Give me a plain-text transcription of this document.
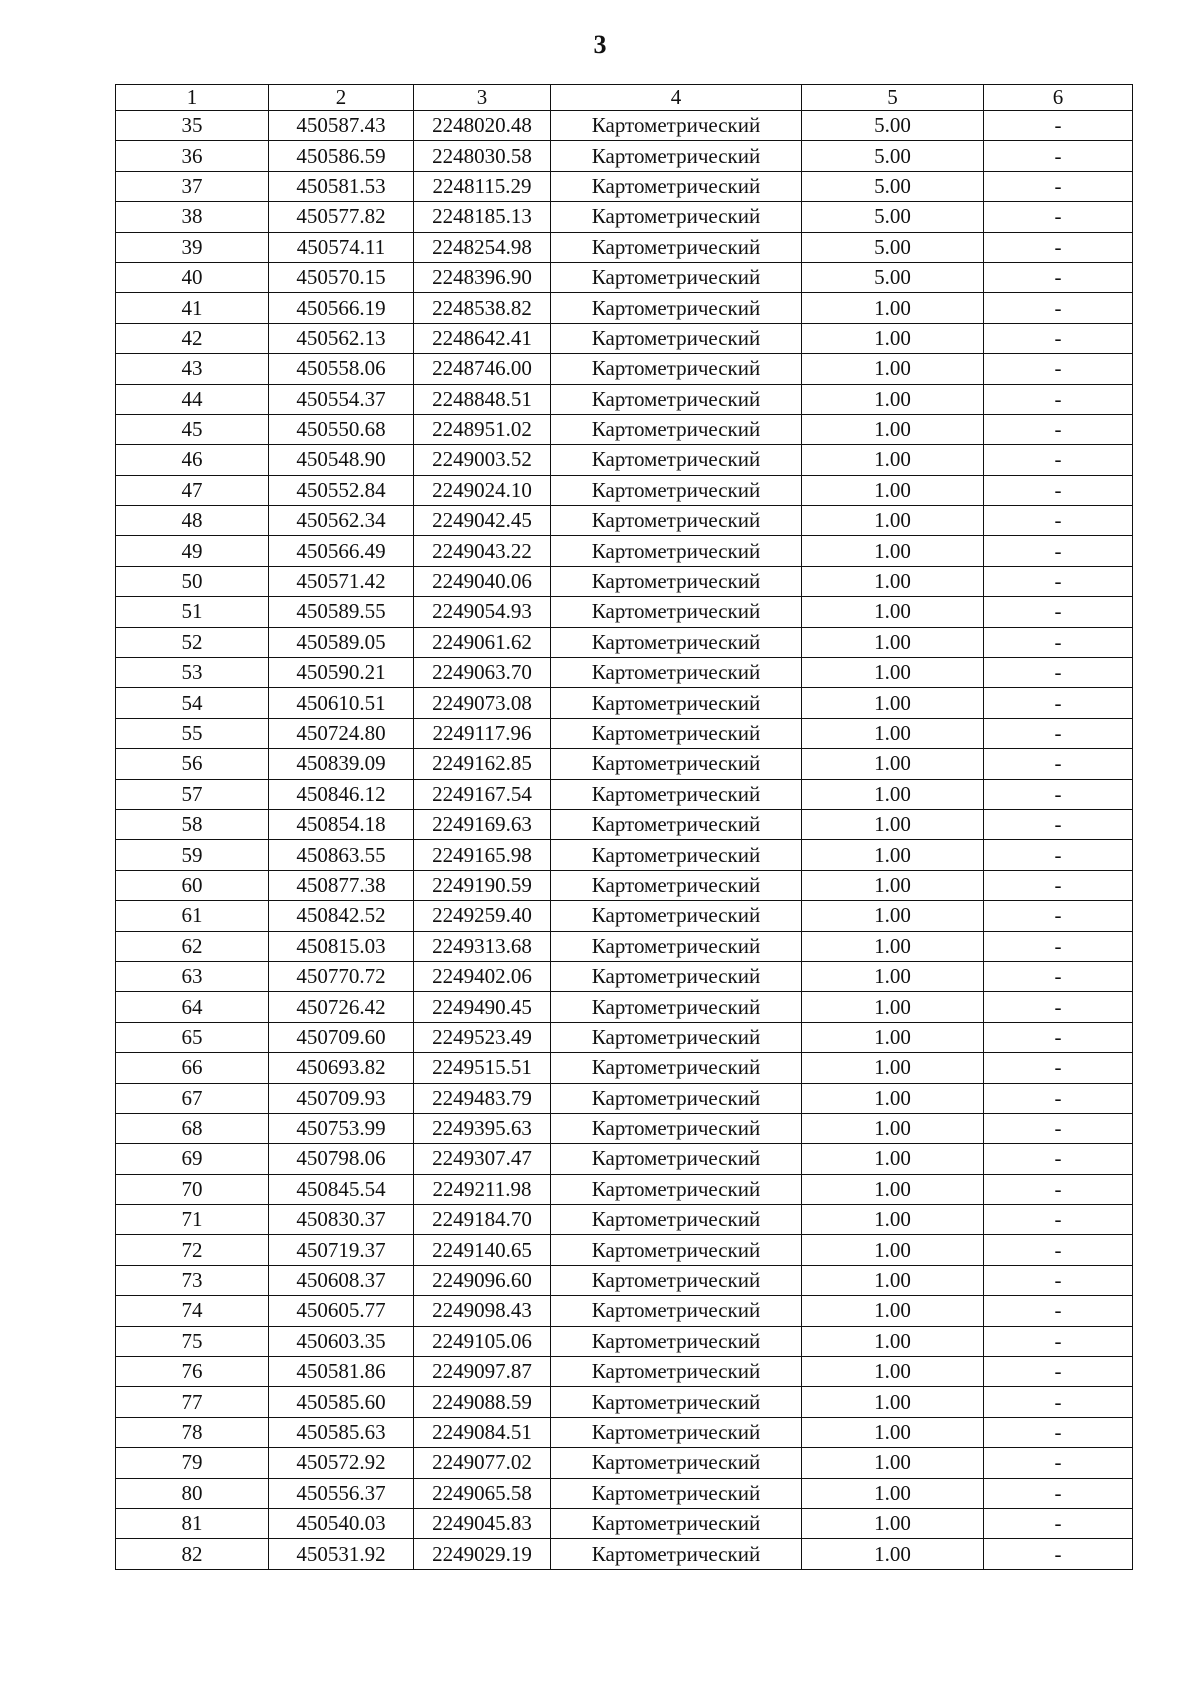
3
1	2	3	4	5	6
35	450587.43	2248020.48	Картометрический	5.00	-
36	450586.59	2248030.58	Картометрический	5.00	-
37	450581.53	2248115.29	Картометрический	5.00	-
38	450577.82	2248185.13	Картометрический	5.00	-
39	450574.11	2248254.98	Картометрический	5.00	-
40	450570.15	2248396.90	Картометрический	5.00	-
41	450566.19	2248538.82	Картометрический	1.00	-
42	450562.13	2248642.41	Картометрический	1.00	-
43	450558.06	2248746.00	Картометрический	1.00	-
44	450554.37	2248848.51	Картометрический	1.00	-
45	450550.68	2248951.02	Картометрический	1.00	-
46	450548.90	2249003.52	Картометрический	1.00	-
47	450552.84	2249024.10	Картометрический	1.00	-
48	450562.34	2249042.45	Картометрический	1.00	-
49	450566.49	2249043.22	Картометрический	1.00	-
50	450571.42	2249040.06	Картометрический	1.00	-
51	450589.55	2249054.93	Картометрический	1.00	-
52	450589.05	2249061.62	Картометрический	1.00	-
53	450590.21	2249063.70	Картометрический	1.00	-
54	450610.51	2249073.08	Картометрический	1.00	-
55	450724.80	2249117.96	Картометрический	1.00	-
56	450839.09	2249162.85	Картометрический	1.00	-
57	450846.12	2249167.54	Картометрический	1.00	-
58	450854.18	2249169.63	Картометрический	1.00	-
59	450863.55	2249165.98	Картометрический	1.00	-
60	450877.38	2249190.59	Картометрический	1.00	-
61	450842.52	2249259.40	Картометрический	1.00	-
62	450815.03	2249313.68	Картометрический	1.00	-
63	450770.72	2249402.06	Картометрический	1.00	-
64	450726.42	2249490.45	Картометрический	1.00	-
65	450709.60	2249523.49	Картометрический	1.00	-
66	450693.82	2249515.51	Картометрический	1.00	-
67	450709.93	2249483.79	Картометрический	1.00	-
68	450753.99	2249395.63	Картометрический	1.00	-
69	450798.06	2249307.47	Картометрический	1.00	-
70	450845.54	2249211.98	Картометрический	1.00	-
71	450830.37	2249184.70	Картометрический	1.00	-
72	450719.37	2249140.65	Картометрический	1.00	-
73	450608.37	2249096.60	Картометрический	1.00	-
74	450605.77	2249098.43	Картометрический	1.00	-
75	450603.35	2249105.06	Картометрический	1.00	-
76	450581.86	2249097.87	Картометрический	1.00	-
77	450585.60	2249088.59	Картометрический	1.00	-
78	450585.63	2249084.51	Картометрический	1.00	-
79	450572.92	2249077.02	Картометрический	1.00	-
80	450556.37	2249065.58	Картометрический	1.00	-
81	450540.03	2249045.83	Картометрический	1.00	-
82	450531.92	2249029.19	Картометрический	1.00	-
